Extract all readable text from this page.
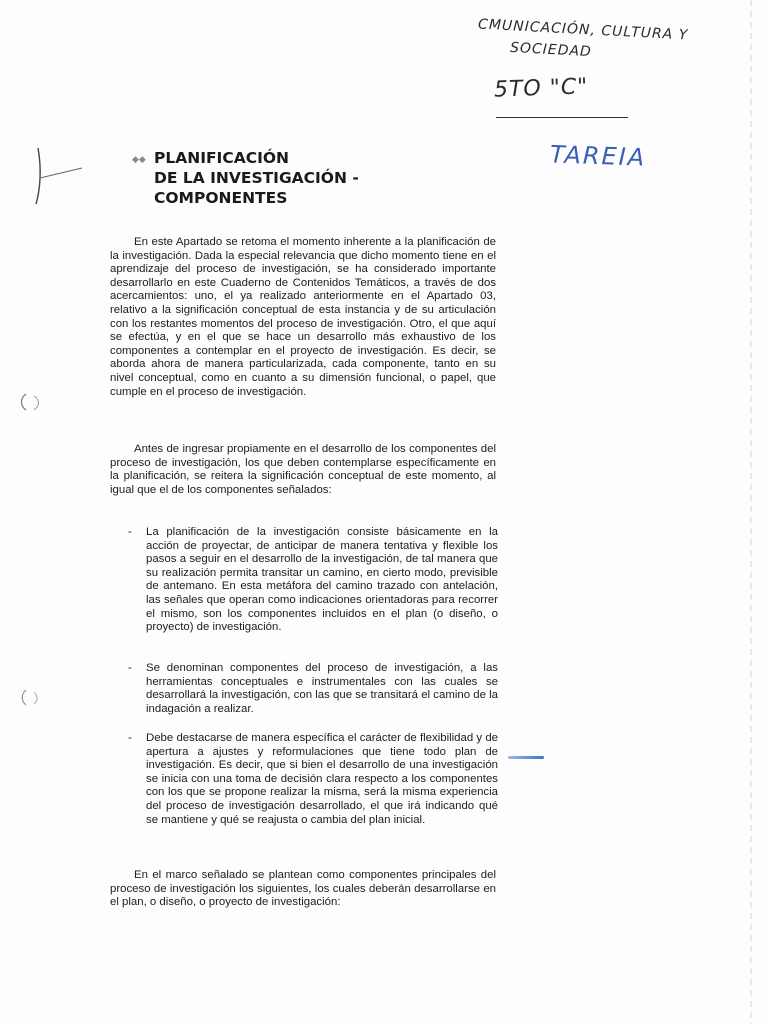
CMUNICACIÓN, CULTURA Y
SOCIEDAD
5TO "C"
TAREIA
◆◆ PLANIFICACIÓN
DE LA INVESTIGACIÓN -
COMPONENTES

En este Apartado se retoma el momento inherente a la planificación de la investigación. Dada la especial relevancia que dicho momento tiene en el aprendizaje del proceso de investigación, se ha considerado importante desarrollarlo en este Cuaderno de Contenidos Temáticos, a través de dos acercamientos: uno, el ya realizado anteriormente en el Apartado 03, relativo a la significación conceptual de esta instancia y de su articulación con los restantes momentos del proceso de investigación. Otro, el que aquí se efectúa, y en el que se hace un desarrollo más exhaustivo de los componentes a contemplar en el proyecto de investigación. Es decir, se aborda ahora de manera particularizada, cada componente, tanto en su nivel conceptual, como en cuanto a su dimensión funcional, o papel, que cumple en el proceso de investigación.

Antes de ingresar propiamente en el desarrollo de los componentes del proceso de investigación, los que deben contemplarse específicamente en la planificación, se reitera la significación conceptual de este momento, al igual que el de los componentes señalados:

- La planificación de la investigación consiste básicamente en la acción de proyectar, de anticipar de manera tentativa y flexible los pasos a seguir en el desarrollo de la investigación, de tal manera que su realización permita transitar un camino, en cierto modo, previsible de antemano. En esta metáfora del camino trazado con antelación, las señales que operan como indicaciones orientadoras para recorrer el mismo, son los componentes incluidos en el plan (o diseño, o proyecto) de investigación.
- Se denominan componentes del proceso de investigación, a las herramientas conceptuales e instrumentales con las cuales se desarrollará la investigación, con las que se transitará el camino de la indagación a realizar.
- Debe destacarse de manera específica el carácter de flexibilidad y de apertura a ajustes y reformulaciones que tiene todo plan de investigación. Es decir, que si bien el desarrollo de una investigación se inicia con una toma de decisión clara respecto a los componentes con los que se propone realizar la misma, será la misma experiencia del proceso de investigación desarrollado, el que irá indicando qué se mantiene y qué se reajusta o cambia del plan inicial.

En el marco señalado se plantean como componentes principales del proceso de investigación los siguientes, los cuales deberán desarrollarse en el plan, o diseño, o proyecto de investigación:
